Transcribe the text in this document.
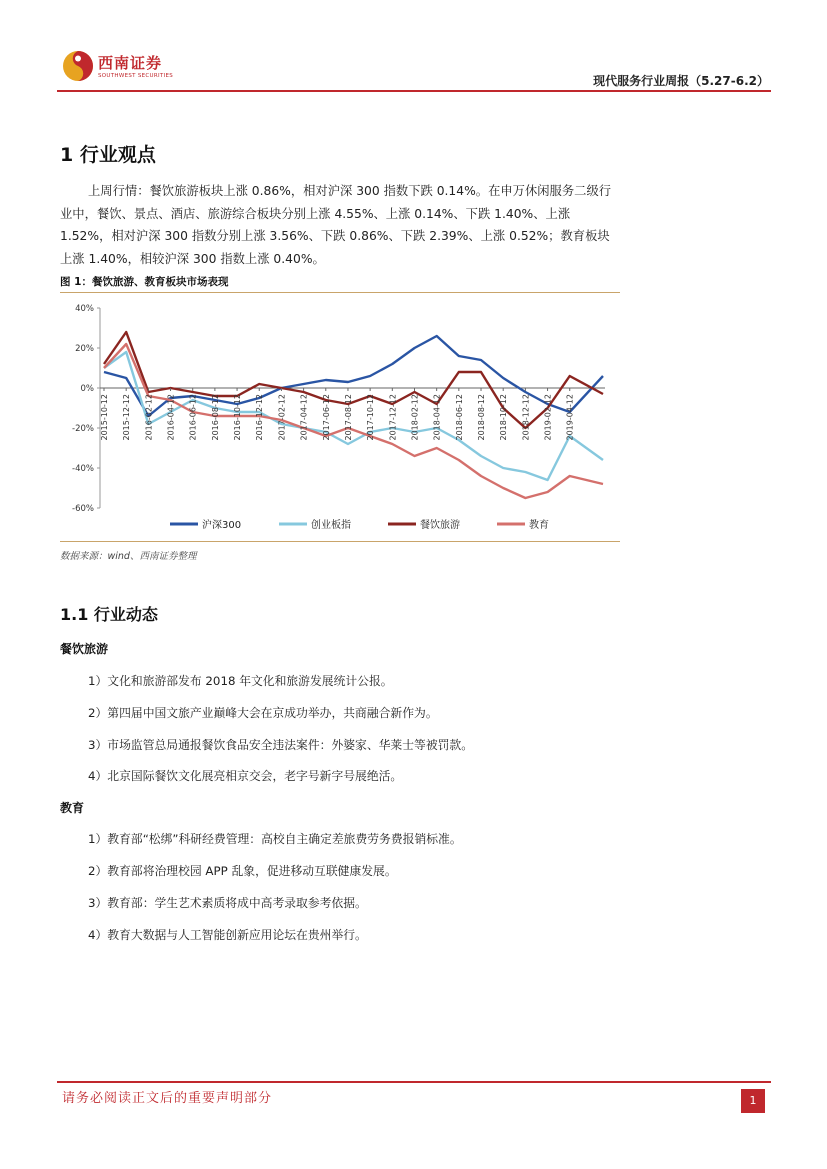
西南证券
SOUTHWEST SECURITIES	现代服务行业周报（5.27-6.2）
1 行业观点
上周行情：餐饮旅游板块上涨 0.86%，相对沪深 300 指数下跌 0.14%。在申万休闲服务二级行业中，餐饮、景点、酒店、旅游综合板块分别上涨 4.55%、上涨 0.14%、下跌 1.40%、上涨 1.52%，相对沪深 300 指数分别上涨 3.56%、下跌 0.86%、下跌 2.39%、上涨 0.52%；教育板块上涨 1.40%，相较沪深 300 指数上涨 0.40%。
图 1：餐饮旅游、教育板块市场表现
40%
20%
0%
-20%
-40%
-60%
2015-10-12 2015-12-12 2016-02-12 2016-04-12 2016-06-12 2016-08-12 2016-10-12 2016-12-12 2017-02-12 2017-04-12 2017-06-12 2017-08-12 2017-10-12 2017-12-12 2018-02-12 2018-04-12 2018-06-12 2018-08-12 2018-10-12 2018-12-12 2019-02-12 2019-04-12
沪深300	创业板指	餐饮旅游	教育
数据来源：wind、西南证券整理
1.1 行业动态
餐饮旅游
1）文化和旅游部发布 2018 年文化和旅游发展统计公报。
2）第四届中国文旅产业巅峰大会在京成功举办，共商融合新作为。
3）市场监管总局通报餐饮食品安全违法案件：外婆家、华莱士等被罚款。
4）北京国际餐饮文化展亮相京交会，老字号新字号展绝活。
教育
1）教育部“松绑”科研经费管理：高校自主确定差旅费劳务费报销标准。
2）教育部将治理校园 APP 乱象，促进移动互联健康发展。
3）教育部：学生艺术素质将成中高考录取参考依据。
4）教育大数据与人工智能创新应用论坛在贵州举行。
请务必阅读正文后的重要声明部分	1
